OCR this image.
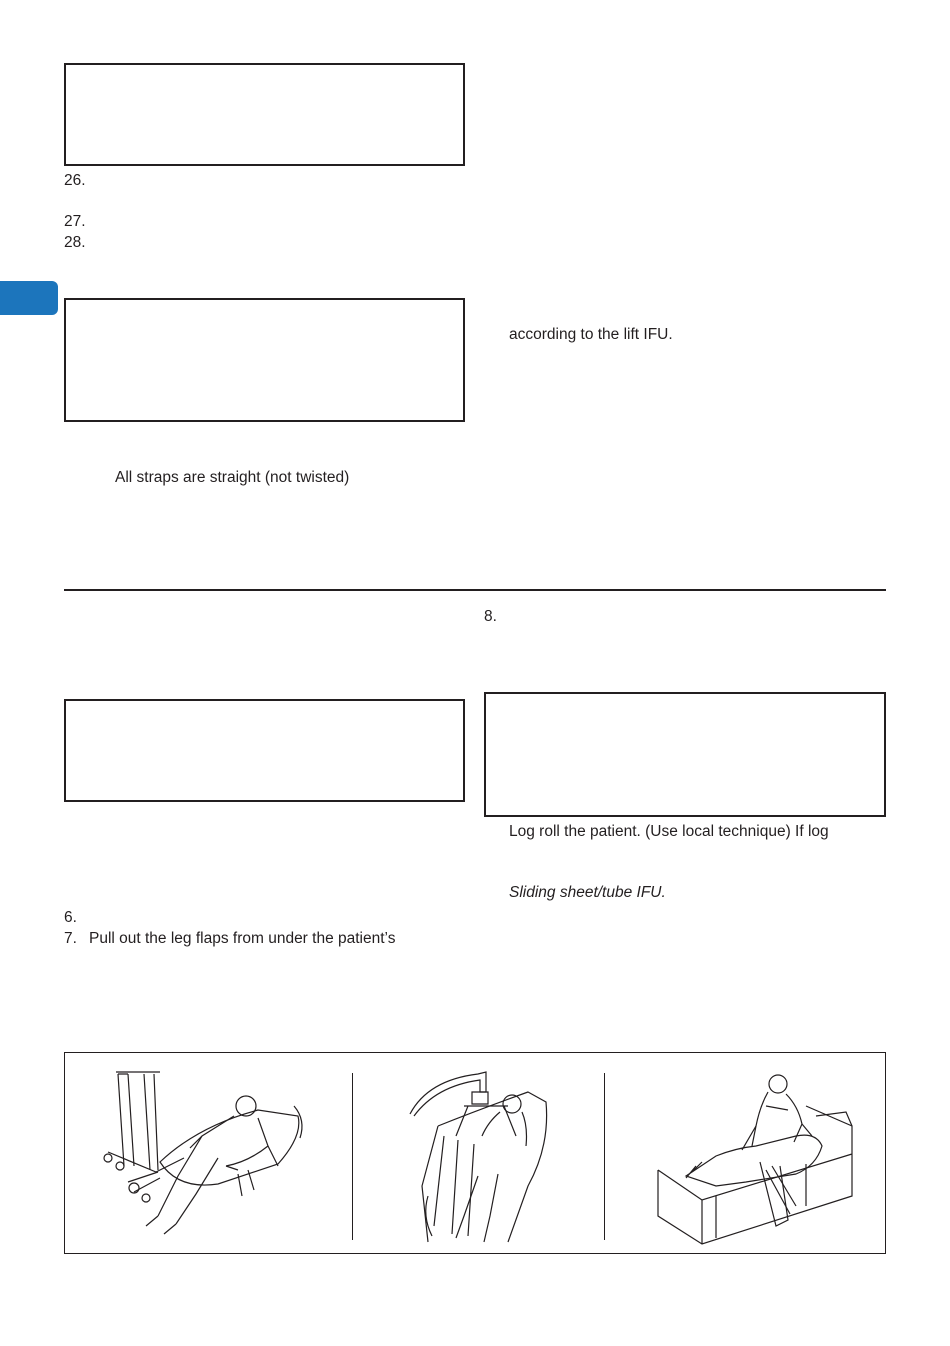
26.
27.
28.
All straps are straight (not twisted)
according to the lift IFU.
6.
7. Pull out the leg flaps from under the patient’s
8.
Log roll the patient. (Use local technique) If log
Sliding sheet/tube IFU.
